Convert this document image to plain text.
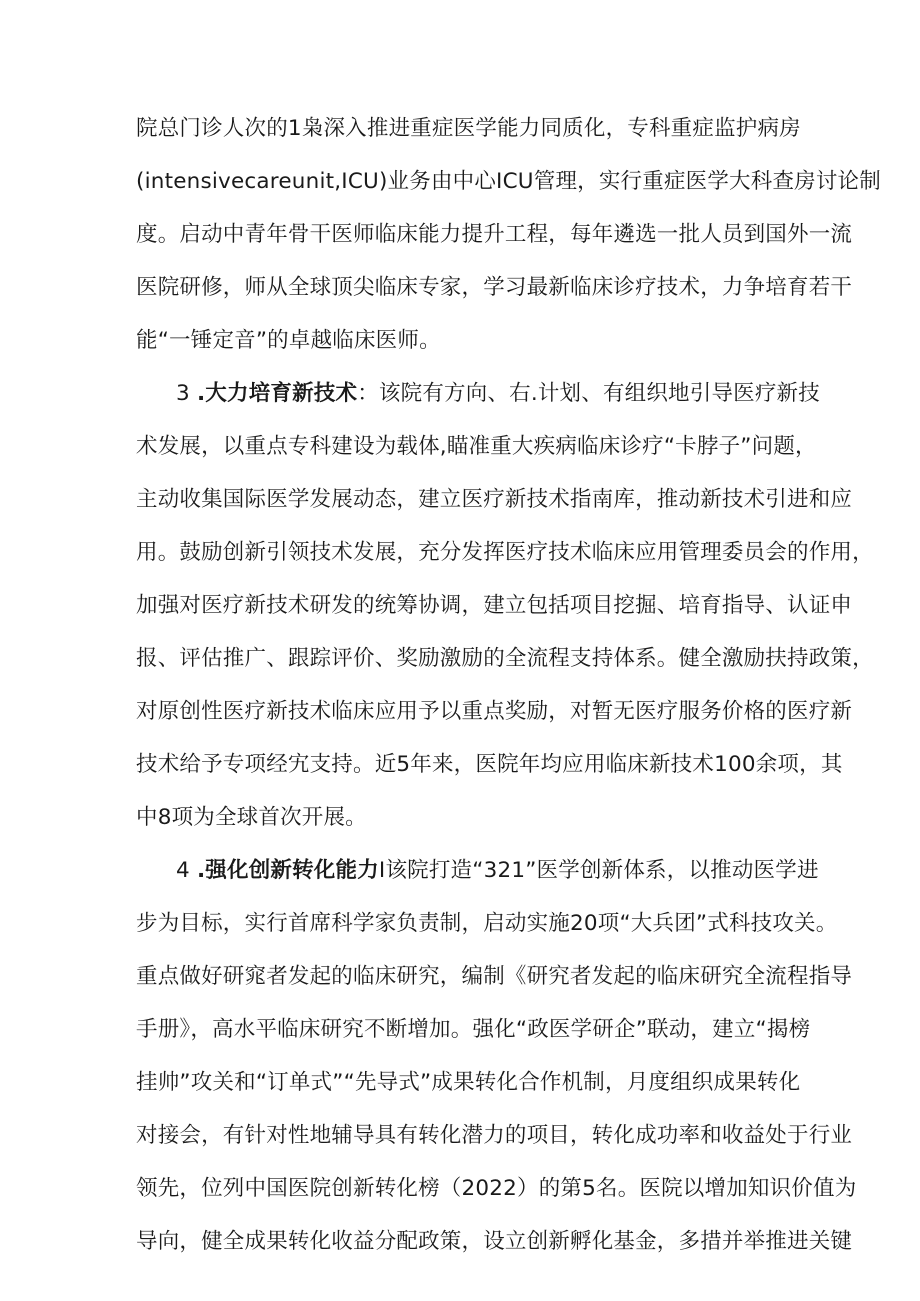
院总门诊人次的1枭深入推进重症医学能力同质化，专科重症监护病房
(intensivecareunit,ICU)业务由中心ICU管理，实行重症医学大科查房讨论制
度。启动中青年骨干医师临床能力提升工程，每年遴选一批人员到国外一流
医院研修，师从全球顶尖临床专家，学习最新临床诊疗技术，力争培育若干
能“一锤定音”的卓越临床医师。
3 .大力培育新技术：该院有方向、右.计划、有组织地引导医疗新技
术发展，以重点专科建设为载体,瞄准重大疾病临床诊疗“卡脖子”问题，
主动收集国际医学发展动态，建立医疗新技术指南库，推动新技术引进和应
用。鼓励创新引领技术发展，充分发挥医疗技术临床应用管理委员会的作用，
加强对医疗新技术研发的统筹协调，建立包括项目挖掘、培育指导、认证申
报、评估推广、跟踪评价、奖励激励的全流程支持体系。健全激励扶持政策，
对原创性医疗新技术临床应用予以重点奖励，对暂无医疗服务价格的医疗新
技术给予专项经宄支持。近5年来，医院年均应用临床新技术100余项，其
中8项为全球首次开展。
4 .强化创新转化能力I该院打造“321”医学创新体系，以推动医学进
步为目标，实行首席科学家负责制，启动实施20项“大兵团”式科技攻关。
重点做好研窕者发起的临床研究，编制《研究者发起的临床研究全流程指导
手册》，高水平临床研究不断增加。强化“政医学研企”联动，建立“揭榜
挂帅”攻关和“订单式”“先导式”成果转化合作机制，月度组织成果转化
对接会，有针对性地辅导具有转化潜力的项目，转化成功率和收益处于行业
领先，位列中国医院创新转化榜（2022）的第5名。医院以增加知识价值为
导向，健全成果转化收益分配政策，设立创新孵化基金，多措并举推进关键
